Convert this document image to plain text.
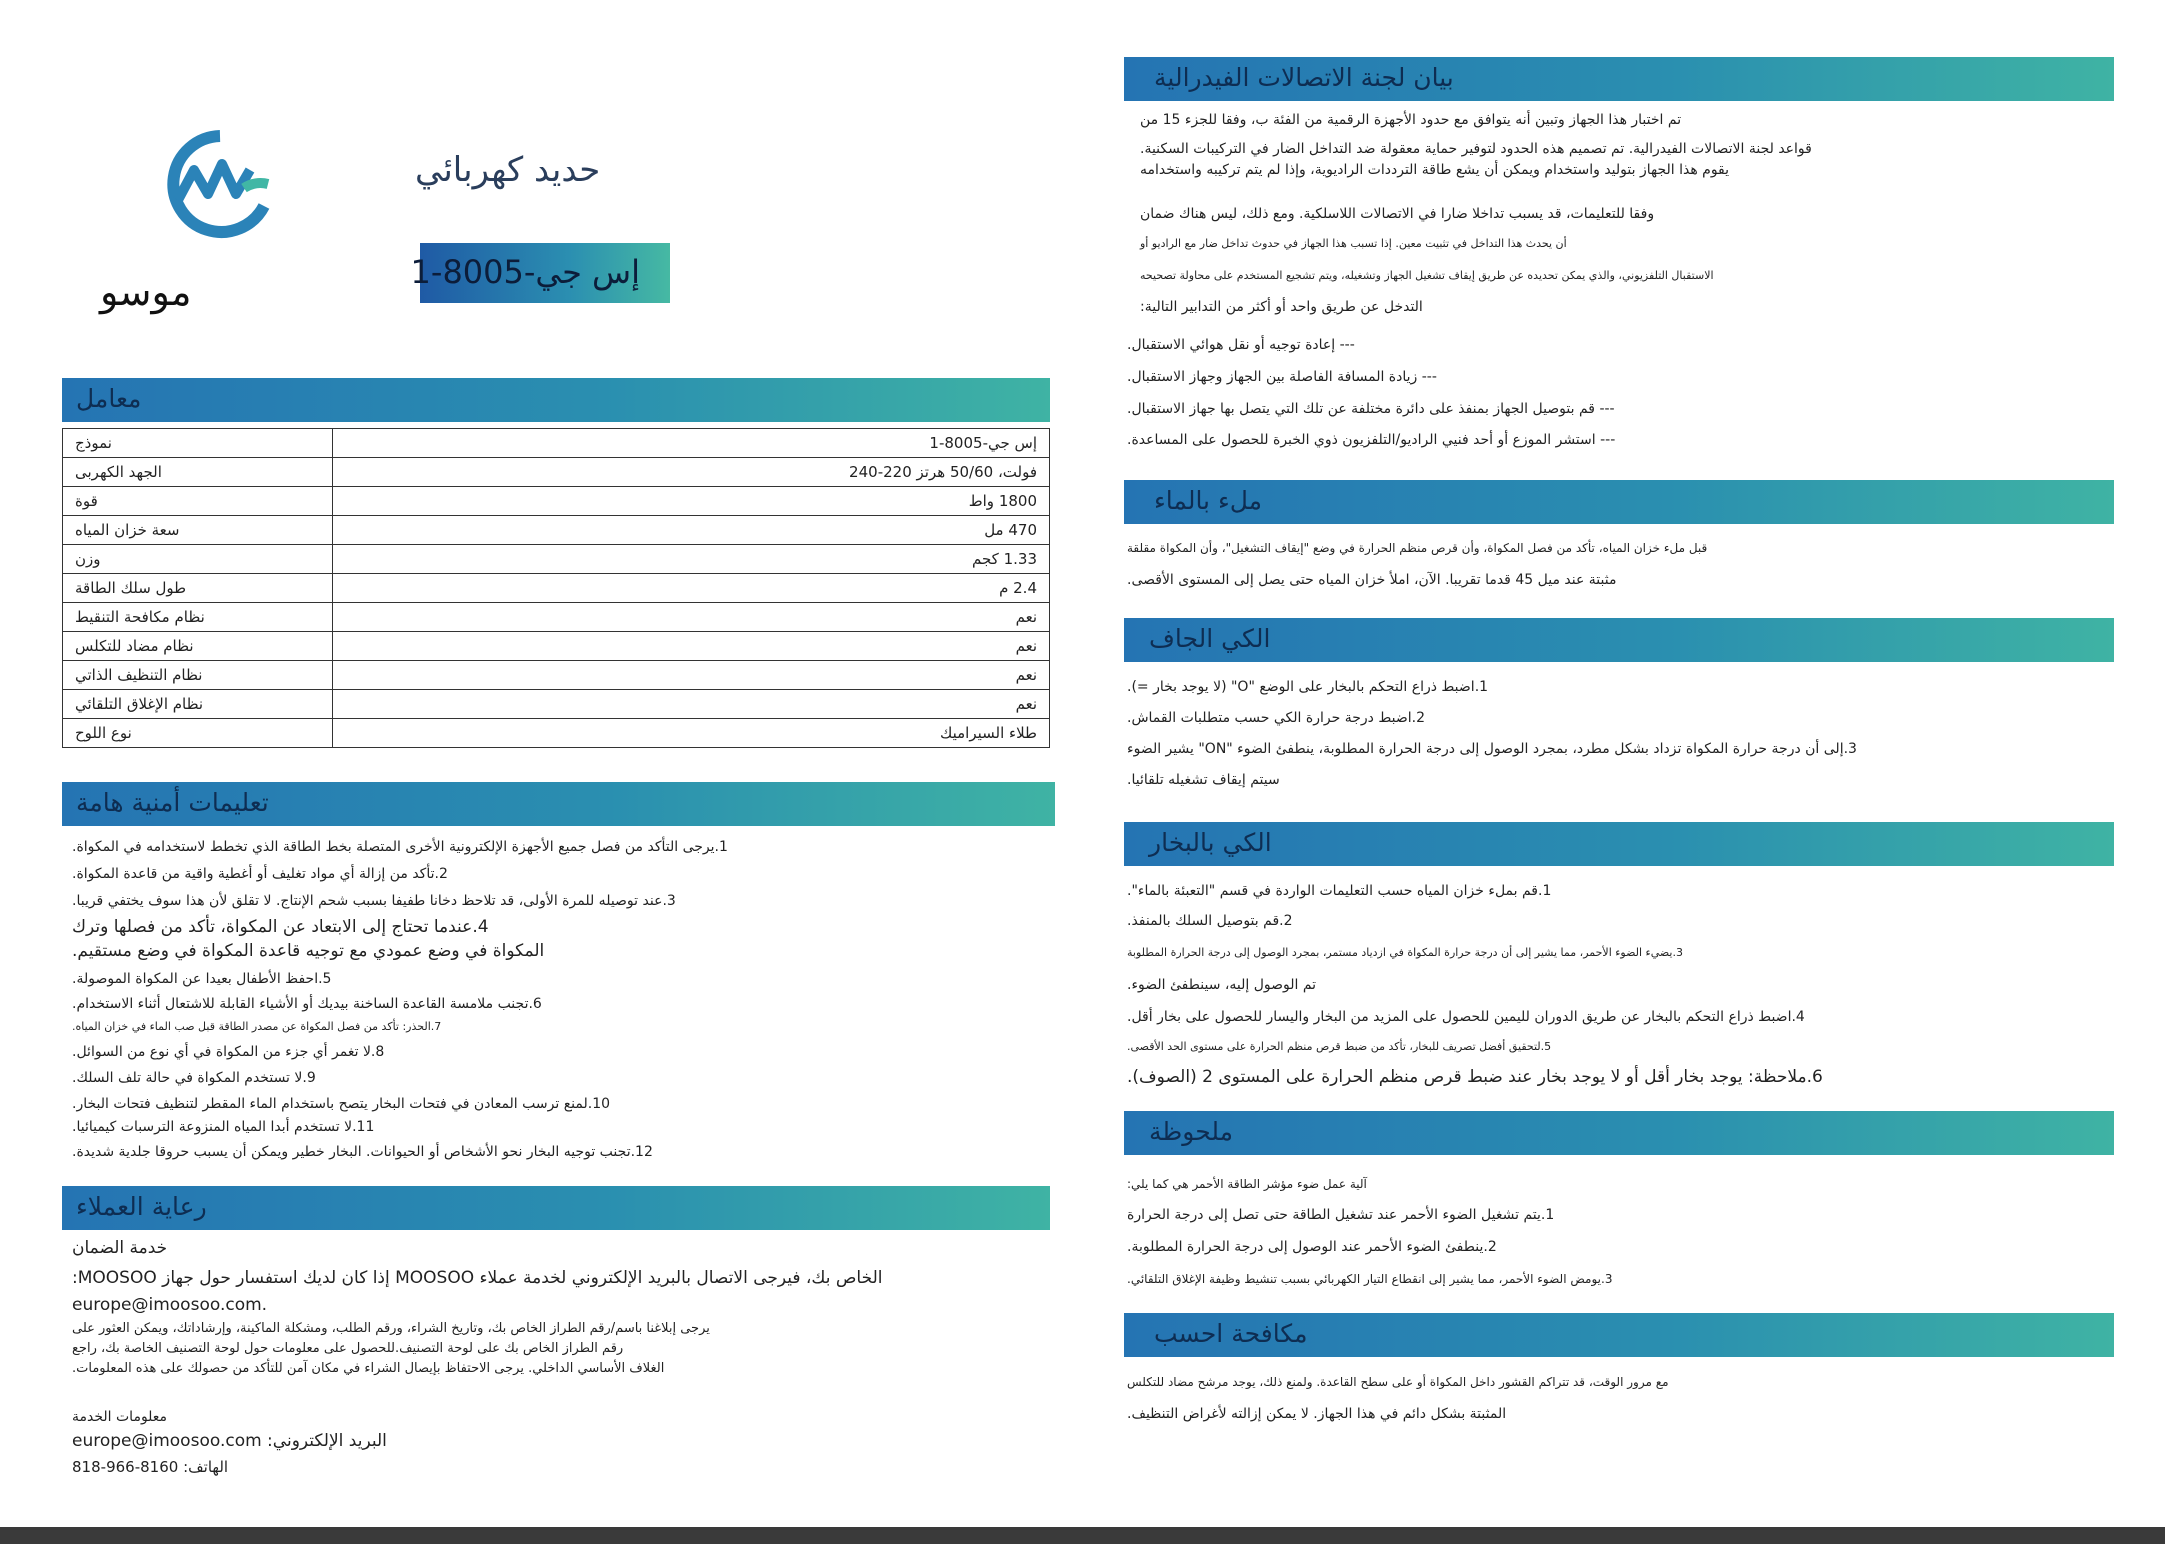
حديد كهربائي
إس جي-8005-1
موسو
معامل
نموذج	إس جي-8005-1
الجهد الكهربى	فولت، 50/60 هرتز 220-240
قوة	1800 واط
سعة خزان المياه	470 مل
وزن	1.33 كجم
طول سلك الطاقة	2.4 م
نظام مكافحة التنقيط	نعم
نظام مضاد للتكلس	نعم
نظام التنظيف الذاتي	نعم
نظام الإغلاق التلقائي	نعم
نوع اللوح	طلاء السيراميك
تعليمات أمنية هامة
1.يرجى التأكد من فصل جميع الأجهزة الإلكترونية الأخرى المتصلة بخط الطاقة الذي تخطط لاستخدامه في المكواة.
2.تأكد من إزالة أي مواد تغليف أو أغطية واقية من قاعدة المكواة.
3.عند توصيله للمرة الأولى، قد تلاحظ دخانا طفيفا بسبب شحم الإنتاج. لا تقلق لأن هذا سوف يختفي قريبا.
4.عندما تحتاج إلى الابتعاد عن المكواة، تأكد من فصلها وترك
المكواة في وضع عمودي مع توجيه قاعدة المكواة في وضع مستقيم.
5.احفظ الأطفال بعيدا عن المكواة الموصولة.
6.تجنب ملامسة القاعدة الساخنة بيديك أو الأشياء القابلة للاشتعال أثناء الاستخدام.
7.الحذر: تأكد من فصل المكواة عن مصدر الطاقة قبل صب الماء في خزان المياه.
8.لا تغمر أي جزء من المكواة في أي نوع من السوائل.
9.لا تستخدم المكواة في حالة تلف السلك.
10.لمنع ترسب المعادن في فتحات البخار يتصح باستخدام الماء المقطر لتنظيف فتحات البخار.
11.لا تستخدم أبدا المياه المنزوعة الترسبات كيميائيا.
12.تجنب توجيه البخار نحو الأشخاص أو الحيوانات. البخار خطير ويمكن أن يسبب حروقا جلدية شديدة.
رعاية العملاء
خدمة الضمان
الخاص بك، فيرجى الاتصال بالبريد الإلكتروني لخدمة عملاء MOOSOO إذا كان لديك استفسار حول جهاز MOOSOO:
europe@imoosoo.com.
يرجى إبلاغنا باسم/رقم الطراز الخاص بك، وتاريخ الشراء، ورقم الطلب، ومشكلة الماكينة، وإرشاداتك، ويمكن العثور على
رقم الطراز الخاص بك على لوحة التصنيف.للحصول على معلومات حول لوحة التصنيف الخاصة بك، راجع
الغلاف الأساسي الداخلي. يرجى الاحتفاظ بإيصال الشراء في مكان آمن للتأكد من حصولك على هذه المعلومات.
معلومات الخدمة
البريد الإلكتروني: europe@imoosoo.com
الهاتف: 8160-966-818
بيان لجنة الاتصالات الفيدرالية
تم اختبار هذا الجهاز وتبين أنه يتوافق مع حدود الأجهزة الرقمية من الفئة ب، وفقا للجزء 15 من
قواعد لجنة الاتصالات الفيدرالية. تم تصميم هذه الحدود لتوفير حماية معقولة ضد التداخل الضار في التركيبات السكنية.
يقوم هذا الجهاز بتوليد واستخدام ويمكن أن يشع طاقة الترددات الراديوية، وإذا لم يتم تركيبه واستخدامه
وفقا للتعليمات، قد يسبب تداخلا ضارا في الاتصالات اللاسلكية. ومع ذلك، ليس هناك ضمان
أن يحدث هذا التداخل في تثبيت معين. إذا تسبب هذا الجهاز في حدوث تداخل ضار مع الراديو أو
الاستقبال التلفزيوني، والذي يمكن تحديده عن طريق إيقاف تشغيل الجهاز وتشغيله، ويتم تشجيع المستخدم على محاولة تصحيحه
التدخل عن طريق واحد أو أكثر من التدابير التالية:
--- إعادة توجيه أو نقل هوائي الاستقبال.
--- زيادة المسافة الفاصلة بين الجهاز وجهاز الاستقبال.
--- قم بتوصيل الجهاز بمنفذ على دائرة مختلفة عن تلك التي يتصل بها جهاز الاستقبال.
--- استشر الموزع أو أحد فنيي الراديو/التلفزيون ذوي الخبرة للحصول على المساعدة.
ملء بالماء
قبل ملء خزان المياه، تأكد من فصل المكواة، وأن قرص منظم الحرارة في وضع "إيقاف التشغيل"، وأن المكواة مقلقة
مثبتة عند ميل 45 قدما تقريبا. الآن، املأ خزان المياه حتى يصل إلى المستوى الأقصى.
الكي الجاف
1.اضبط ذراع التحكم بالبخار على الوضع "O" (لا يوجد بخار =).
2.اضبط درجة حرارة الكي حسب متطلبات القماش.
3.إلى أن درجة حرارة المكواة تزداد بشكل مطرد، بمجرد الوصول إلى درجة الحرارة المطلوبة، ينطفئ الضوء "ON" يشير الضوء
سيتم إيقاف تشغيله تلقائيا.
الكي بالبخار
1.قم بملء خزان المياه حسب التعليمات الواردة في قسم "التعبئة بالماء".
2.قم بتوصيل السلك بالمنفذ.
3.يضيء الضوء الأحمر، مما يشير إلى أن درجة حرارة المكواة في ازدياد مستمر، بمجرد الوصول إلى درجة الحرارة المطلوبة
تم الوصول إليه، سينطفئ الضوء.
4.اضبط ذراع التحكم بالبخار عن طريق الدوران لليمين للحصول على المزيد من البخار واليسار للحصول على بخار أقل.
5.لتحقيق أفضل تصريف للبخار، تأكد من ضبط قرص منظم الحرارة على مستوى الحد الأقصى.
6.ملاحظة: يوجد بخار أقل أو لا يوجد بخار عند ضبط قرص منظم الحرارة على المستوى 2 (الصوف).
ملحوظة
آلية عمل ضوء مؤشر الطاقة الأحمر هي كما يلي:
1.يتم تشغيل الضوء الأحمر عند تشغيل الطاقة حتى تصل إلى درجة الحرارة
2.ينطفئ الضوء الأحمر عند الوصول إلى درجة الحرارة المطلوبة.
3.يومض الضوء الأحمر، مما يشير إلى انقطاع التيار الكهربائي بسبب تنشيط وظيفة الإغلاق التلقائي.
مكافحة احسب
مع مرور الوقت، قد تتراكم القشور داخل المكواة أو على سطح القاعدة. ولمنع ذلك، يوجد مرشح مضاد للتكلس
المثبتة بشكل دائم في هذا الجهاز. لا يمكن إزالته لأغراض التنظيف.
